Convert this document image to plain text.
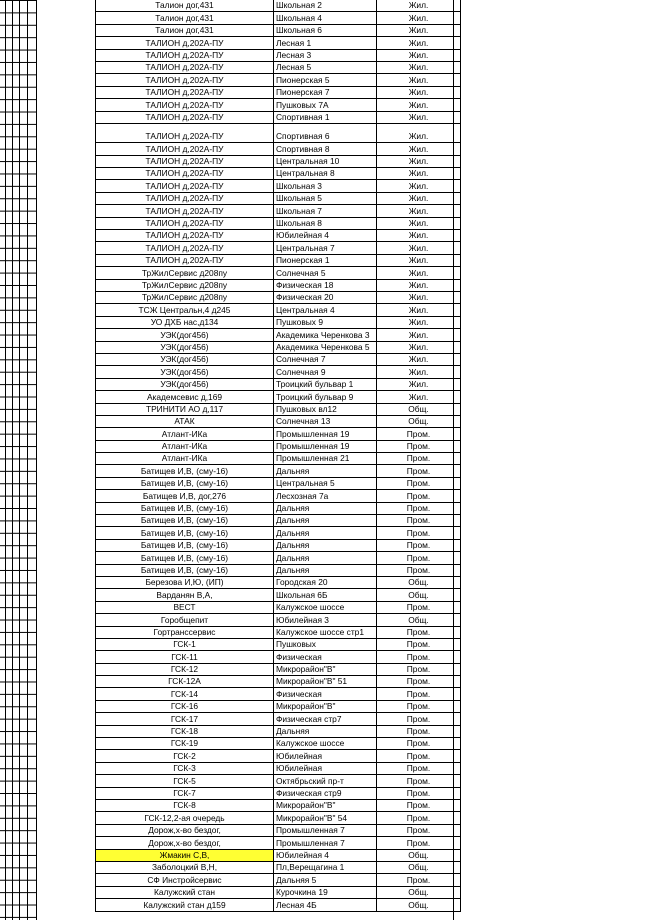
Талион дог,431	Школьная 2	Жил.
Талион дог,431	Школьная 4	Жил.
Талион дог,431	Школьная 6	Жил.
ТАЛИОН д,202А-ПУ	Лесная 1	Жил.
ТАЛИОН д,202А-ПУ	Лесная 3	Жил.
ТАЛИОН д,202А-ПУ	Лесная 5	Жил.
ТАЛИОН д,202А-ПУ	Пионерская 5	Жил.
ТАЛИОН д,202А-ПУ	Пионерская 7	Жил.
ТАЛИОН д,202А-ПУ	Пушковых 7А	Жил.
ТАЛИОН д,202А-ПУ	Спортивная 1	Жил.
ТАЛИОН д,202А-ПУ	Спортивная 6	Жил.
ТАЛИОН д,202А-ПУ	Спортивная 8	Жил.
ТАЛИОН д,202А-ПУ	Центральная 10	Жил.
ТАЛИОН д,202А-ПУ	Центральная 8	Жил.
ТАЛИОН д,202А-ПУ	Школьная 3	Жил.
ТАЛИОН д,202А-ПУ	Школьная 5	Жил.
ТАЛИОН д,202А-ПУ	Школьная 7	Жил.
ТАЛИОН д,202А-ПУ	Школьная 8	Жил.
ТАЛИОН д,202А-ПУ	Юбилейная 4	Жил.
ТАЛИОН д,202А-ПУ	Центральная 7	Жил.
ТАЛИОН д,202А-ПУ	Пионерская 1	Жил.
ТрЖилСервис д208пу	Солнечная 5	Жил.
ТрЖилСервис д208пу	Физическая 18	Жил.
ТрЖилСервис д208пу	Физическая 20	Жил.
ТСЖ Центральн,4 д245	Центральная 4	Жил.
УО ДХБ нас,д134	Пушковых 9	Жил.
УЭК(дог456)	Академика Черенкова 3	Жил.
УЭК(дог456)	Академика Черенкова 5	Жил.
УЭК(дог456)	Солнечная 7	Жил.
УЭК(дог456)	Солнечная 9	Жил.
УЭК(дог456)	Троицкий бульвар 1	Жил.
Академсевис д,169	Троицкий бульвар 9	Жил.
ТРИНИТИ АО д,117	Пушковых вл12	Общ.
АТАК	Солнечная 13	Общ.
Атлант-ИКа	Промышленная 19	Пром.
Атлант-ИКа	Промышленная 19	Пром.
Атлант-ИКа	Промышленная 21	Пром.
Батищев И,В, (сму-16)	Дальняя	Пром.
Батищев И,В, (сму-16)	Центральная 5	Пром.
Батищев И,В, дог,276	Лесхозная 7а	Пром.
Батищев И,В, (сму-16)	Дальняя	Пром.
Батищев И,В, (сму-16)	Дальняя	Пром.
Батищев И,В, (сму-16)	Дальняя	Пром.
Батищев И,В, (сму-16)	Дальняя	Пром.
Батищев И,В, (сму-16)	Дальняя	Пром.
Батищев И,В, (сму-16)	Дальняя	Пром.
Березова И,Ю, (ИП)	Городская 20	Общ.
Варданян В,А,	Школьная 6Б	Общ.
ВЕСТ	Калужское шоссе	Пром.
Горобщепит	Юбилейная 3	Общ.
Гортранссервис	Калужское шоссе стр1	Пром.
ГСК-1	Пушковых	Пром.
ГСК-11	Физическая	Пром.
ГСК-12	Микрорайон"В"	Пром.
ГСК-12А	Микрорайон"В" 51	Пром.
ГСК-14	Физическая	Пром.
ГСК-16	Микрорайон"В"	Пром.
ГСК-17	Физическая стр7	Пром.
ГСК-18	Дальняя	Пром.
ГСК-19	Калужское шоссе	Пром.
ГСК-2	Юбилейная	Пром.
ГСК-3	Юбилейная	Пром.
ГСК-5	Октябрьский пр-т	Пром.
ГСК-7	Физическая стр9	Пром.
ГСК-8	Микрорайон"В"	Пром.
ГСК-12,2-ая очередь	Микрорайон"В" 54	Пром.
Дорож,х-во бездог,	Промышленная 7	Пром.
Дорож,х-во бездог,	Промышленная 7	Пром.
Жмакин С,В,	Юбилейная 4	Общ.
Заболоцкий В,Н,	Пл,Верещагина 1	Общ.
СФ Инстройсервис	Дальняя 5	Пром.
Калужский стан	Курочкина 19	Общ.
Калужский стан д159	Лесная 4Б	Общ.
